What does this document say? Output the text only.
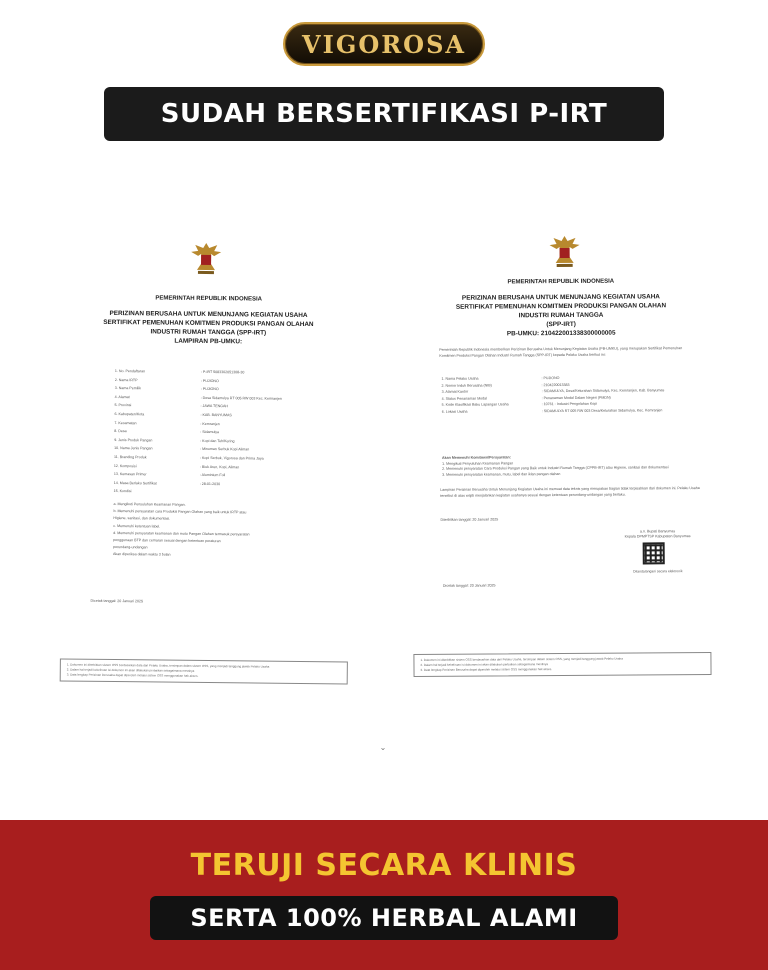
VIGOROSA
SUDAH BERSERTIFIKASI P-IRT
PEMERINTAH REPUBLIK INDONESIA
PERIZINAN BERUSAHA UNTUK MENUNJANG KEGIATAN USAHA
SERTIFIKAT PEMENUHAN KOMITMEN PRODUKSI PANGAN OLAHAN
INDUSTRI RUMAH TANGGA (SPP-IRT)
LAMPIRAN PB-UMKU:
1. No. Pendaftaran	: P-IRT 5083302051308-30
2. Nama IRTP	: PUJIONO
3. Nama Pemilik	: PUJIONO
4. Alamat	: Desa Sidamulya RT 005 RW 003 Kec. Kemranjen
5. Provinsi	: JAWA TENGAH
6. Kabupaten/Kota	: KAB. BANYUMAS
7. Kecamatan	: Kemranjen
8. Desa	: Sidamulya
9. Jenis Produk Pangan	: Kopi dan Teh/Kering
10. Nama Jenis Pangan	: Minuman Serbuk Kopi Aliman
11. Branding Produk	: Kopi Serbuk, Vigorosa dan Prima Jaya
12. Komposisi	: Biuk Aren, Kopi, Aliman
13. Kemasan Primer	: Aluminium Foil
14. Masa Berlaku Sertifikat	: 28-01-2030
15. Kondisi
a. Mengikuti Penyuluhan Keamanan Pangan.
b. Memenuhi persyaratan cara Produksi Pangan Olahan yang baik untuk IRTP atau
Higiene, sanitasi, dan dokumentasi.
c. Memenuhi ketentuan label.
d. Memenuhi persyaratan keamanan dan mutu Pangan Olahan termasuk persyaratan
penggunaan BTP dan cemaran sesuai dengan ketentuan peraturan
perundang-undangan
Akan diperiksa dalam waktu 3 bulan
Dicetak tanggal: 20 Januari 2025
1. Dokumen ini diterbitkan sistem OSS berdasarkan data dari Pelaku Usaha, tersimpan dalam sistem OSS, yang menjadi tanggung jawab Pelaku Usaha
2. Dalam hal terjadi kekeliruan isi dokumen ini akan dilakukan perbaikan sebagaimana mestinya
3. Data lengkap Perizinan Berusaha dapat diperoleh melalui sistem OSS menggunakan hak akses.
PEMERINTAH REPUBLIK INDONESIA
PERIZINAN BERUSAHA UNTUK MENUNJANG KEGIATAN USAHA
SERTIFIKAT PEMENUHAN KOMITMEN PRODUKSI PANGAN OLAHAN
INDUSTRI RUMAH TANGGA
(SPP-IRT)
PB-UMKU: 210422001338300000005
Pemerintah Republik Indonesia memberikan Perizinan Berusaha Untuk Menunjang Kegiatan Usaha (PB-UMKU), yang merupakan Sertifikat Pemenuhan Komitmen Produksi Pangan Olahan Industri Rumah Tangga (SPP-IRT) kepada Pelaku Usaha berikut ini:
1. Nama Pelaku Usaha	: PUJIONO
2. Nomor Induk Berusaha (NIB)	: 2104220013383
3. Alamat Kantor	: SIDAMULYA, Desa/Kelurahan Sidamulya, Kec. Kemranjen, Kab. Banyumas
4. Status Penanaman Modal	: Penanaman Modal Dalam Negeri (PMDN)
5. Kode Klasifikasi Baku Lapangan Usaha	: 10761 - Industri Pengolahan Kopi
6. Lokasi Usaha	: SIDAMULYA RT 005 RW 003 Desa/Kelurahan Sidamulya, Kec. Kemranjen
Akan Memenuhi Komitmen/Persyaratan:
1. Mengikuti Penyuluhan Keamanan Pangan
2. Memenuhi persyaratan Cara Produksi Pangan yang Baik untuk Industri Rumah Tangga (CPPB-IRT) atau Higiene, sanitasi dan dokumentasi
3. Memenuhi persyaratan keamanan, mutu, label dan iklan pangan olahan
Lampiran Perizinan Berusaha Untuk Menunjang Kegiatan Usaha ini memuat data teknis yang merupakan bagian tidak terpisahkan dari dokumen ini. Pelaku Usaha tersebut di atas wajib menjalankan kegiatan usahanya sesuai dengan ketentuan perundang-undangan yang berlaku.
Diterbitkan tanggal: 20 Januari 2025
a.n. Bupati Banyumas
Kepala DPMPTSP Kabupaten Banyumas
Ditandatangani secara elektronik
Dicetak tanggal: 20 Januari 2025
1. Dokumen ini diterbitkan sistem OSS berdasarkan data dari Pelaku Usaha, tersimpan dalam sistem OSS, yang menjadi tanggung jawab Pelaku Usaha
2. Dalam hal terjadi kekeliruan isi dokumen ini akan dilakukan perbaikan sebagaimana mestinya
3. Data lengkap Perizinan Berusaha dapat diperoleh melalui sistem OSS menggunakan hak akses.
⌄
TERUJI SECARA KLINIS
SERTA 100% HERBAL ALAMI
